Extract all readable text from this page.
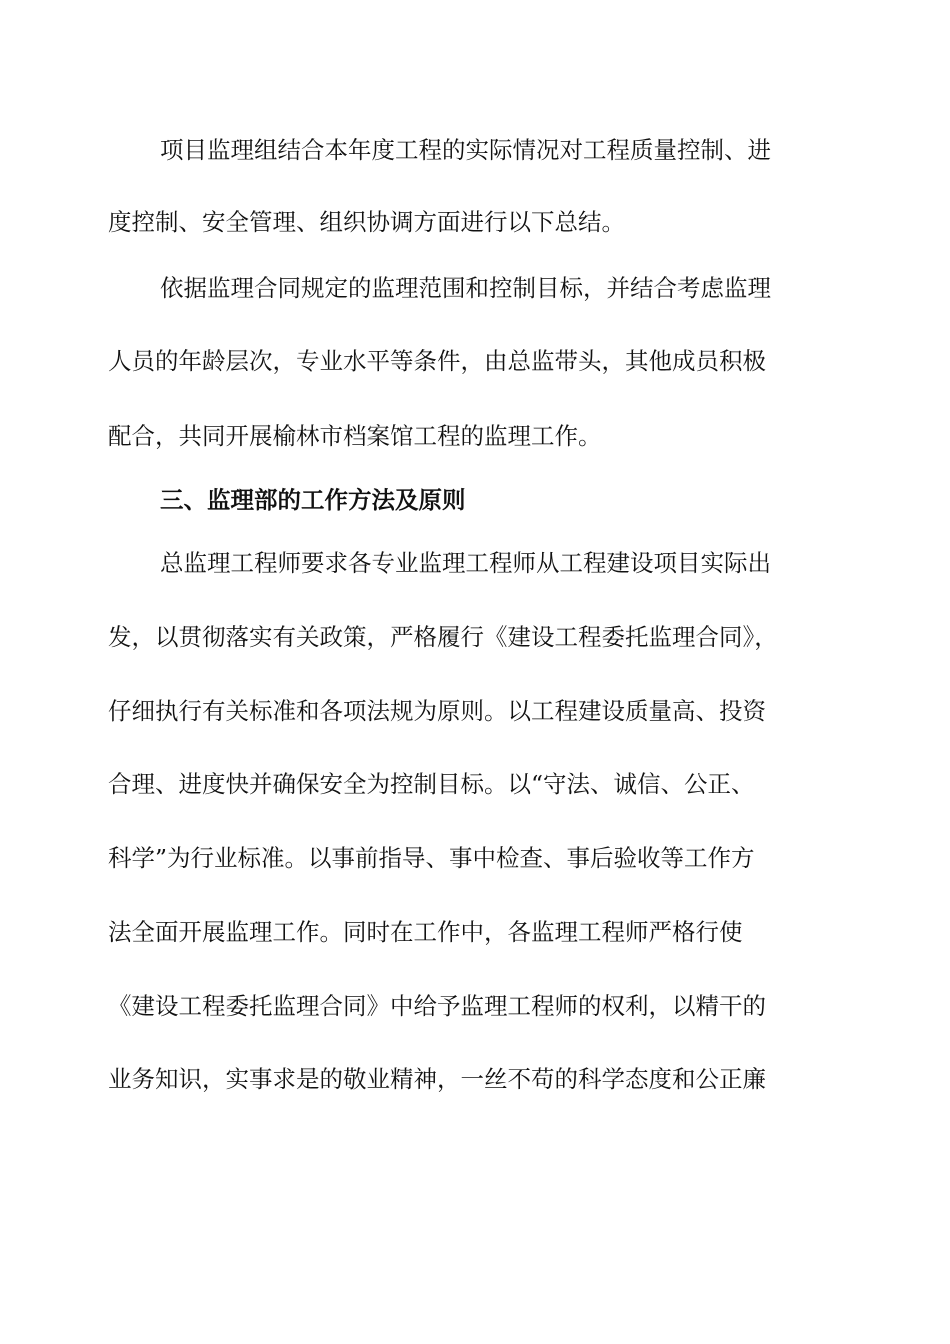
项目监理组结合本年度工程的实际情况对工程质量控制、进
度控制、安全管理、组织协调方面进行以下总结。
依据监理合同规定的监理范围和控制目标，并结合考虑监理
人员的年龄层次，专业水平等条件，由总监带头，其他成员积极
配合，共同开展榆林市档案馆工程的监理工作。
三、监理部的工作方法及原则
总监理工程师要求各专业监理工程师从工程建设项目实际出
发，以贯彻落实有关政策，严格履行《建设工程委托监理合同》，
仔细执行有关标准和各项法规为原则。以工程建设质量高、投资
合理、进度快并确保安全为控制目标。以“守法、诚信、公正、
科学”为行业标准。以事前指导、事中检查、事后验收等工作方
法全面开展监理工作。同时在工作中，各监理工程师严格行使
《建设工程委托监理合同》中给予监理工程师的权利，以精干的
业务知识，实事求是的敬业精神，一丝不苟的科学态度和公正廉
